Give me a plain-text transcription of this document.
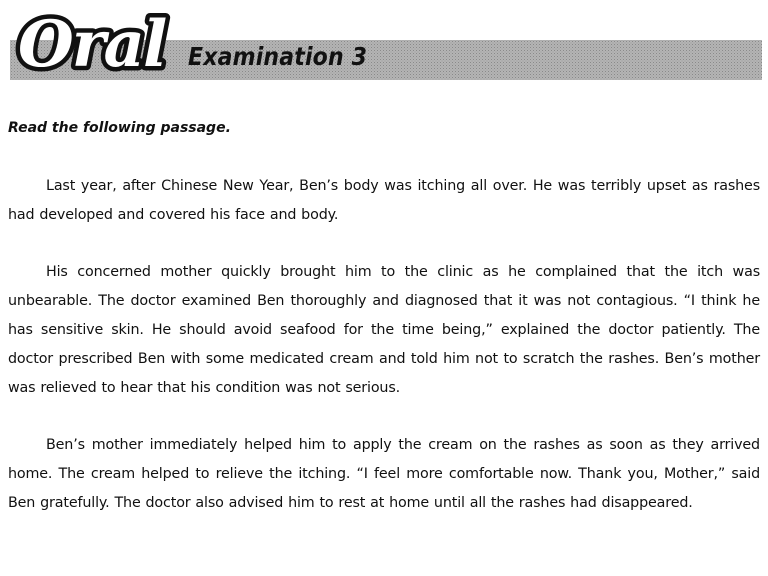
Oral Examination 3
Read the following passage.

Last year, after Chinese New Year, Ben’s body was itching all over. He was terribly upset as rashes had developed and covered his face and body.

His concerned mother quickly brought him to the clinic as he complained that the itch was unbearable. The doctor examined Ben thoroughly and diagnosed that it was not contagious. “I think he has sensitive skin. He should avoid seafood for the time being,” explained the doctor patiently. The doctor prescribed Ben with some medicated cream and told him not to scratch the rashes. Ben’s mother was relieved to hear that his condition was not serious.

Ben’s mother immediately helped him to apply the cream on the rashes as soon as they arrived home. The cream helped to relieve the itching. “I feel more comfortable now. Thank you, Mother,” said Ben gratefully. The doctor also advised him to rest at home until all the rashes had disappeared.
